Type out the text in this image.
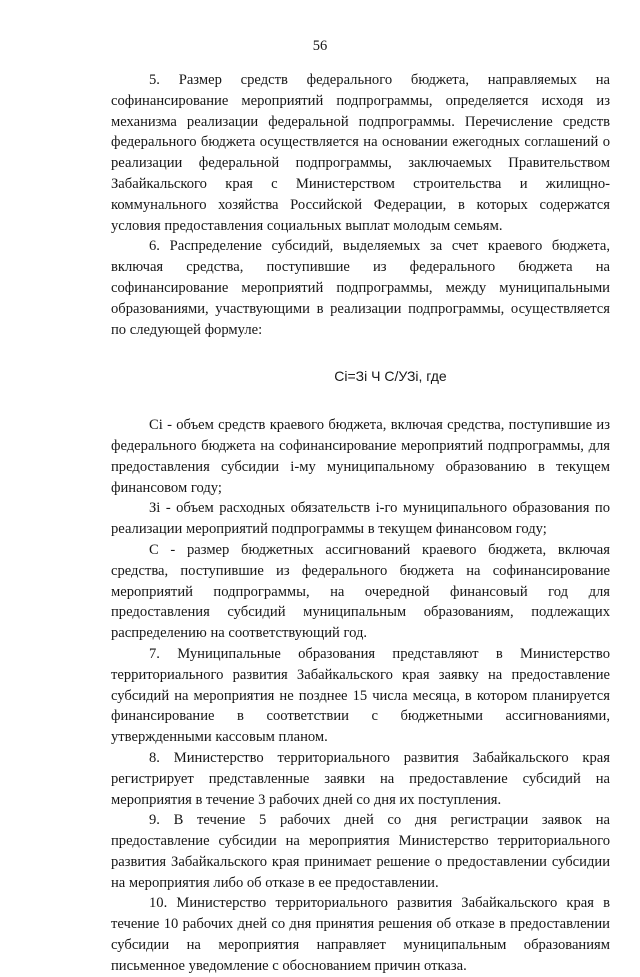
56

5. Размер средств федерального бюджета, направляемых на софинансирование мероприятий подпрограммы, определяется исходя из механизма реализации федеральной подпрограммы. Перечисление средств федерального бюджета осуществляется на основании ежегодных соглашений о реализации федеральной подпрограммы, заключаемых Правительством Забайкальского края с Министерством строительства и жилищно-коммунального хозяйства Российской Федерации, в которых содержатся условия предоставления социальных выплат молодым семьям.

6. Распределение субсидий, выделяемых за счет краевого бюджета, включая средства, поступившие из федерального бюджета на софинансирование мероприятий подпрограммы, между муниципальными образованиями, участвующими в реализации подпрограммы, осуществляется по следующей формуле:

Сi=Зi Ч С/УЗi, где

Сi - объем средств краевого бюджета, включая средства, поступившие из федерального бюджета на софинансирование мероприятий подпрограммы, для предоставления субсидии i-му муниципальному образованию в текущем финансовом году;

Зi - объем расходных обязательств i-го муниципального образования по реализации мероприятий подпрограммы в текущем финансовом году;

С - размер бюджетных ассигнований краевого бюджета, включая средства, поступившие из федерального бюджета на софинансирование мероприятий подпрограммы, на очередной финансовый год для предоставления субсидий муниципальным образованиям, подлежащих распределению на соответствующий год.

7. Муниципальные образования представляют в Министерство территориального развития Забайкальского края заявку на предоставление субсидий на мероприятия не позднее 15 числа месяца, в котором планируется финансирование в соответствии с бюджетными ассигнованиями, утвержденными кассовым планом.

8. Министерство территориального развития Забайкальского края регистрирует представленные заявки на предоставление субсидий на мероприятия в течение 3 рабочих дней со дня их поступления.

9. В течение 5 рабочих дней со дня регистрации заявок на предоставление субсидии на мероприятия Министерство территориального развития Забайкальского края принимает решение о предоставлении субсидии на мероприятия либо об отказе в ее предоставлении.

10. Министерство территориального развития Забайкальского края в течение 10 рабочих дней со дня принятия решения об отказе в предоставлении субсидии на мероприятия направляет муниципальным образованиям письменное уведомление с обоснованием причин отказа.
